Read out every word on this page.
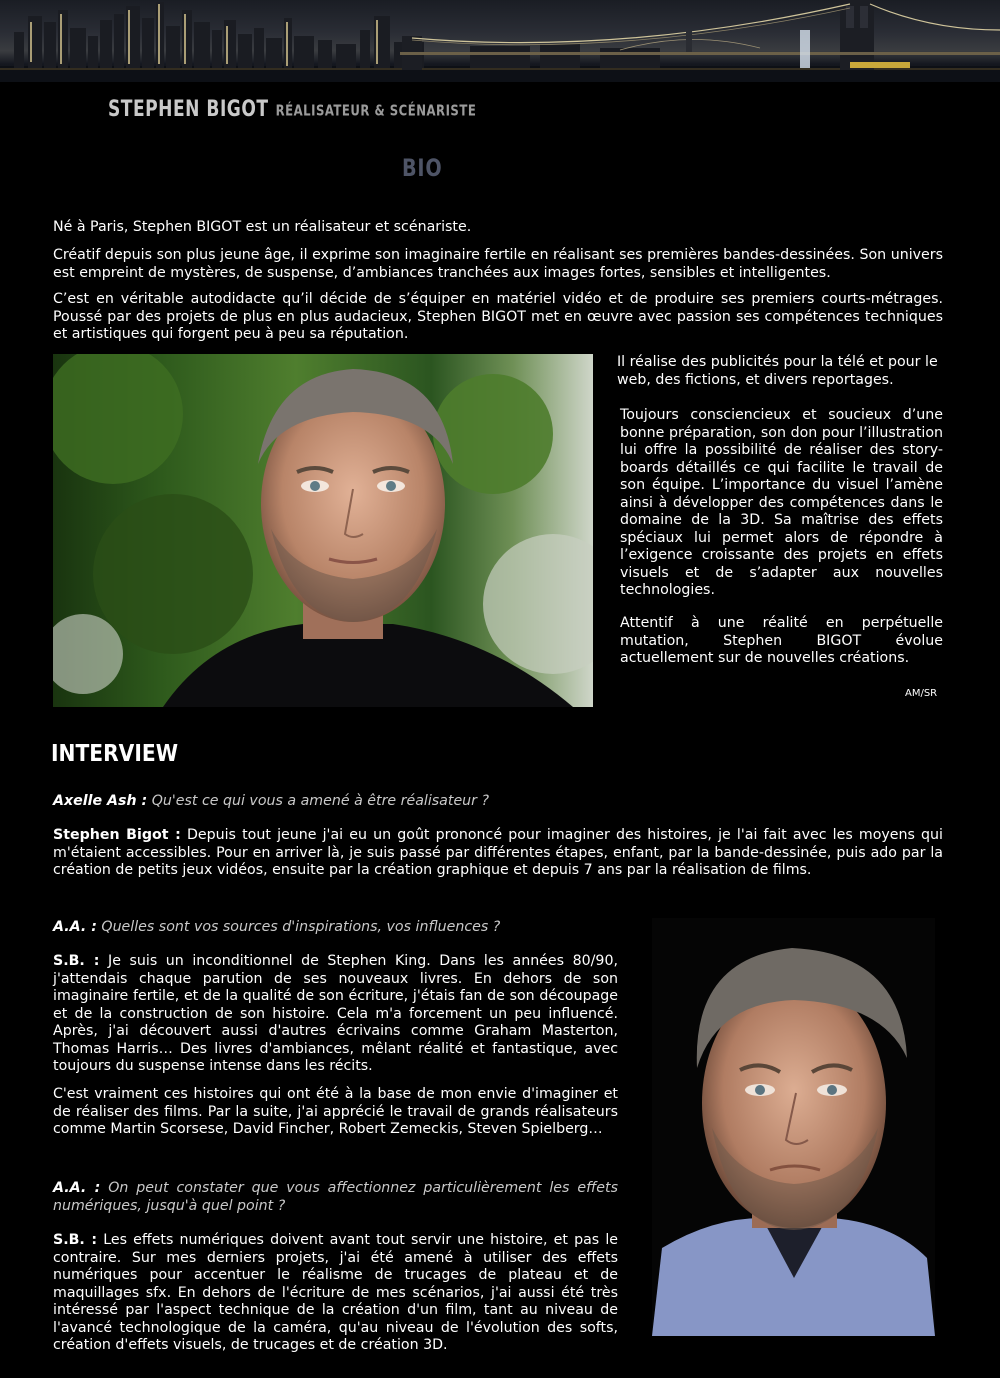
STEPHEN BIGOT RÉALISATEUR & SCÉNARISTE
BIO

Né à Paris, Stephen BIGOT est un réalisateur et scénariste.

Créatif depuis son plus jeune âge, il exprime son imaginaire fertile en réalisant ses premières bandes-dessinées. Son univers est empreint de mystères, de suspense, d’ambiances tranchées aux images fortes, sensibles et intelligentes.

C’est en véritable autodidacte qu’il décide de s’équiper en matériel vidéo et de produire ses premiers courts-métrages. Poussé par des projets de plus en plus audacieux, Stephen BIGOT met en œuvre avec passion ses compétences techniques et artistiques qui forgent peu à peu sa réputation.

Il réalise des publicités pour la télé et pour le web, des fictions, et divers reportages.

Toujours consciencieux et soucieux d’une bonne préparation, son don pour l’illustration lui offre la possibilité de réaliser des story-boards détaillés ce qui facilite le travail de son équipe. L’importance du visuel l’amène ainsi à développer des compétences dans le domaine de la 3D. Sa maîtrise des effets spéciaux lui permet alors de répondre à l’exigence croissante des projets en effets visuels et de s’adapter aux nouvelles technologies.

Attentif à une réalité en perpétuelle mutation, Stephen BIGOT évolue actuellement sur de nouvelles créations.

AM/SR
INTERVIEW

Axelle Ash : Qu'est ce qui vous a amené à être réalisateur ?

Stephen Bigot : Depuis tout jeune j'ai eu un goût prononcé pour imaginer des histoires, je l'ai fait avec les moyens qui m'étaient accessibles. Pour en arriver là, je suis passé par différentes étapes, enfant, par la bande-dessinée, puis ado par la création de petits jeux vidéos, ensuite par la création graphique et depuis 7 ans par la réalisation de films.

A.A. : Quelles sont vos sources d'inspirations, vos influences ?

S.B. : Je suis un inconditionnel de Stephen King. Dans les années 80/90, j'attendais chaque parution de ses nouveaux livres. En dehors de son imaginaire fertile, et de la qualité de son écriture, j'étais fan de son découpage et de la construction de son histoire. Cela m'a forcement un peu influencé. Après, j'ai découvert aussi d'autres écrivains comme Graham Masterton, Thomas Harris… Des livres d'ambiances, mêlant réalité et fantastique, avec toujours du suspense intense dans les récits.

C'est vraiment ces histoires qui ont été à la base de mon envie d'imaginer et de réaliser des films. Par la suite, j'ai apprécié le travail de grands réalisateurs comme Martin Scorsese, David Fincher, Robert Zemeckis, Steven Spielberg…

A.A. : On peut constater que vous affectionnez particulièrement les effets numériques, jusqu'à quel point ?

S.B. : Les effets numériques doivent avant tout servir une histoire, et pas le contraire. Sur mes derniers projets, j'ai été amené à utiliser des effets numériques pour accentuer le réalisme de trucages de plateau et de maquillages sfx. En dehors de l'écriture de mes scénarios, j'ai aussi été très intéressé par l'aspect technique de la création d'un film, tant au niveau de l'avancé technologique de la caméra, qu'au niveau de l'évolution des softs, création d'effets visuels, de trucages et de création 3D.
